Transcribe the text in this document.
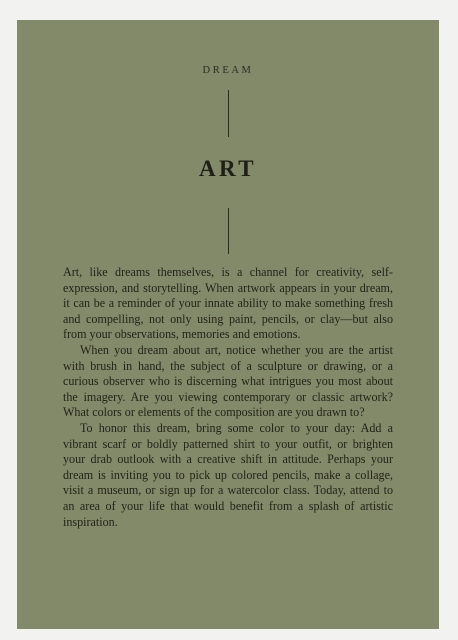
DREAM
ART

Art, like dreams themselves, is a channel for creativity, self-expression, and storytelling. When artwork appears in your dream, it can be a reminder of your innate ability to make something fresh and compelling, not only using paint, pencils, or clay—but also from your observations, memories and emotions.

When you dream about art, notice whether you are the artist with brush in hand, the subject of a sculpture or drawing, or a curious observer who is discerning what intrigues you most about the imagery. Are you viewing contemporary or classic artwork? What colors or elements of the composition are you drawn to?

To honor this dream, bring some color to your day: Add a vibrant scarf or boldly patterned shirt to your outfit, or brighten your drab outlook with a creative shift in attitude. Perhaps your dream is inviting you to pick up colored pencils, make a collage, visit a museum, or sign up for a watercolor class. Today, attend to an area of your life that would benefit from a splash of artistic inspiration.
